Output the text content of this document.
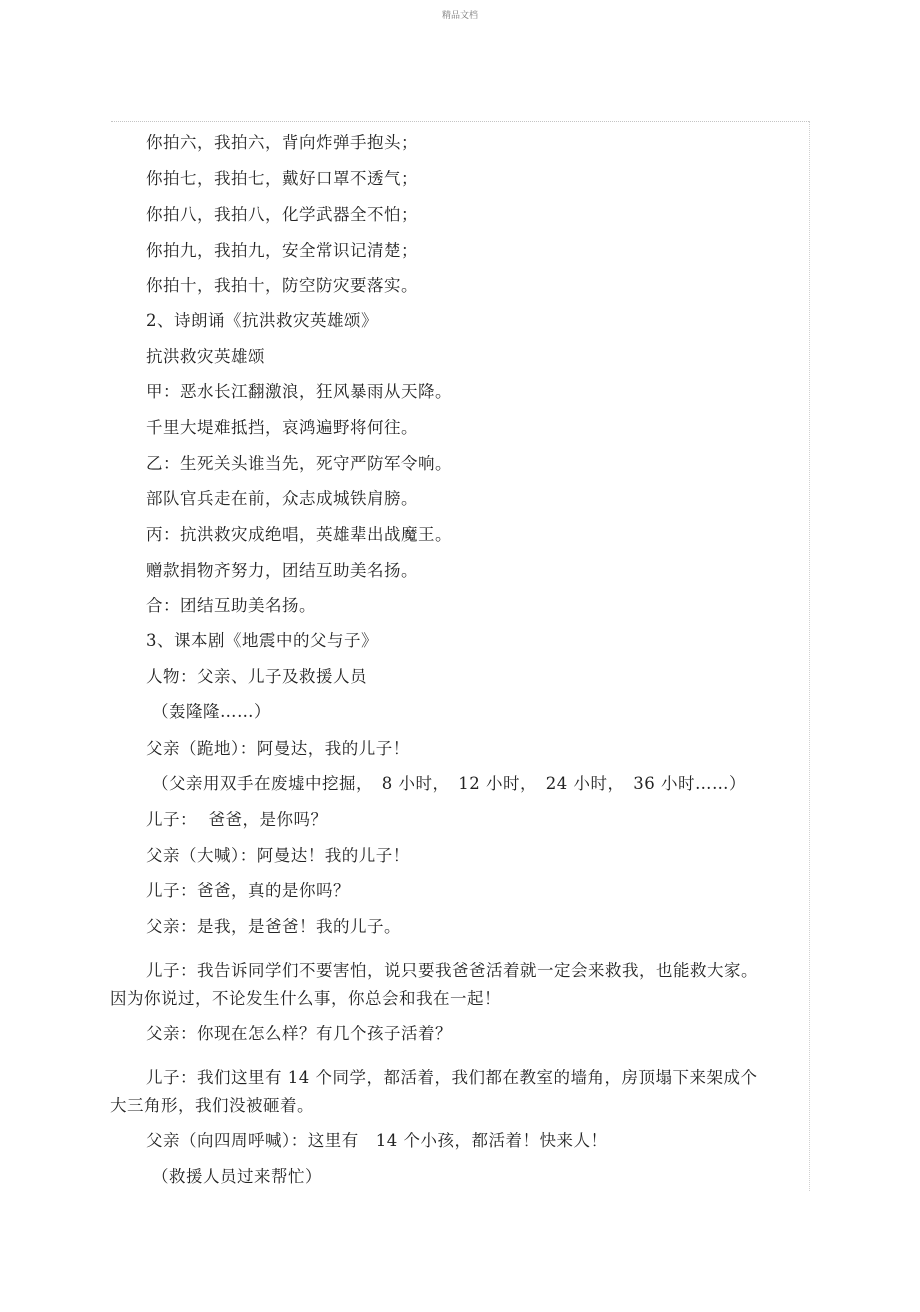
精品文档
你拍六，我拍六，背向炸弹手抱头；
你拍七，我拍七，戴好口罩不透气；
你拍八，我拍八，化学武器全不怕；
你拍九，我拍九，安全常识记清楚；
你拍十，我拍十，防空防灾要落实。
2、诗朗诵《抗洪救灾英雄颂》
抗洪救灾英雄颂
甲：恶水长江翻激浪，狂风暴雨从天降。
千里大堤难抵挡，哀鸿遍野将何往。
乙：生死关头谁当先，死守严防军令响。
部队官兵走在前，众志成城铁肩膀。
丙：抗洪救灾成绝唱，英雄辈出战魔王。
赠款捐物齐努力，团结互助美名扬。
合：团结互助美名扬。
3、课本剧《地震中的父与子》
人物：父亲、儿子及救援人员
（轰隆隆……）
父亲（跪地）：阿曼达，我的儿子！
（父亲用双手在废墟中挖掘，　8 小时，　12 小时，　24 小时，　36 小时……）
儿子：  爸爸，是你吗？
父亲（大喊）：阿曼达！我的儿子！
儿子：爸爸，真的是你吗？
父亲：是我，是爸爸！我的儿子。
儿子：我告诉同学们不要害怕，说只要我爸爸活着就一定会来救我，也能救大家。
因为你说过，不论发生什么事，你总会和我在一起！
父亲：你现在怎么样？有几个孩子活着？
儿子：我们这里有 14 个同学，都活着，我们都在教室的墙角，房顶塌下来架成个
大三角形，我们没被砸着。
父亲（向四周呼喊）：这里有　14 个小孩，都活着！快来人！
（救援人员过来帮忙）
